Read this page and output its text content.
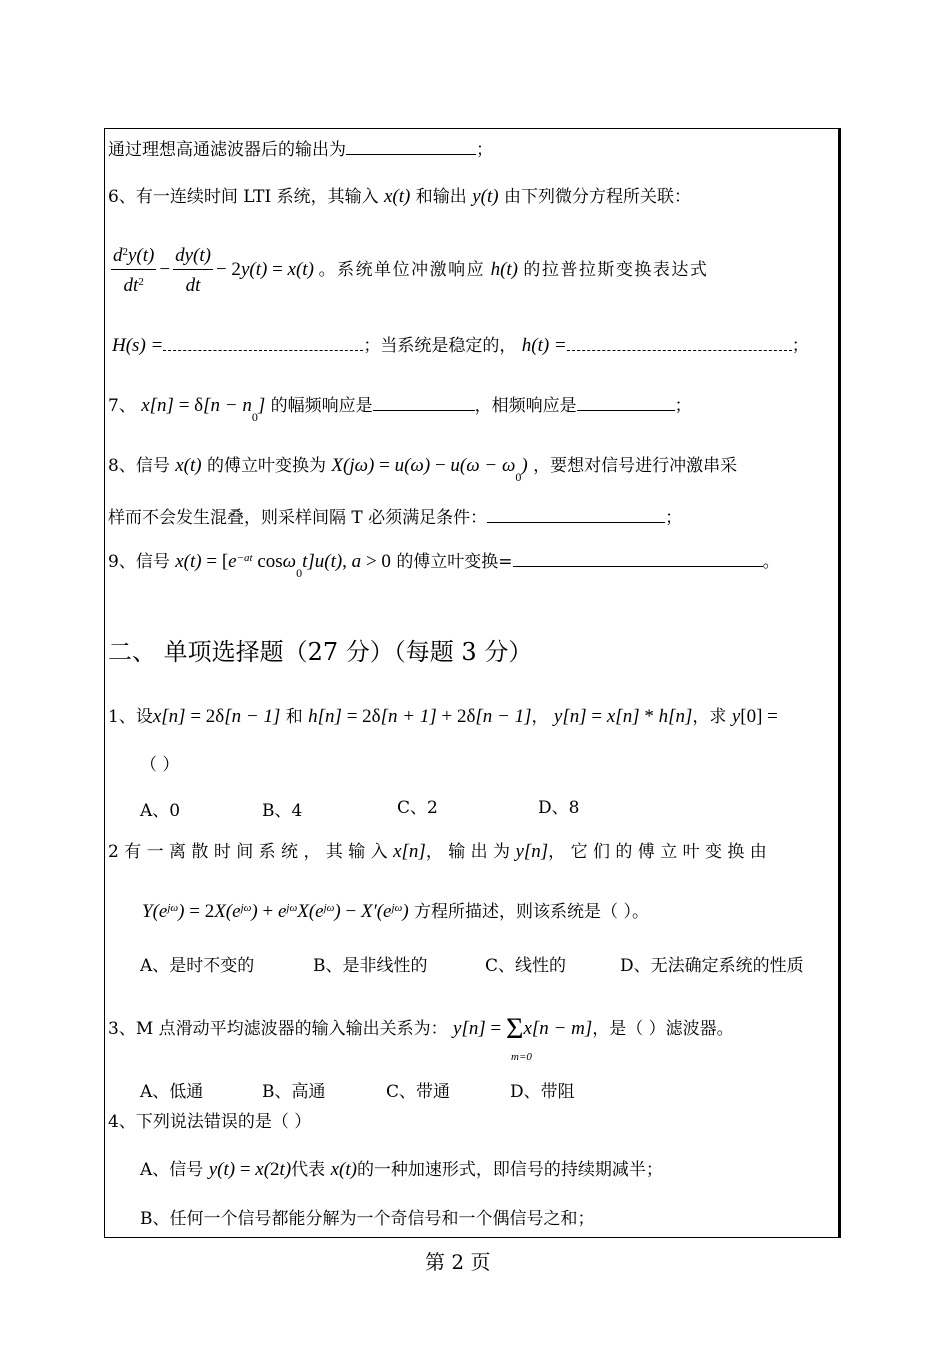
通过理想高通滤波器后的输出为	；
6、有一连续时间 LTI 系统，其输入 x(t) 和输出 y(t) 由下列微分方程所关联：
$\frac{d^2y(t)}{dt^2} - \frac{dy(t)}{dt} - 2y(t) = x(t)$ 。系统单位冲激响应 h(t) 的拉普拉斯变换表达式
H(s) =	；当系统是稳定的， h(t) =	；
7、 $x[n] = \delta[n - n_0]$ 的幅频响应是	，相频响应是	；
8、信号 x(t) 的傅立叶变换为 $X(j\omega) = u(\omega) - u(\omega - \omega_0)$ ，要想对信号进行冲激串采
样而不会发生混叠，则采样间隔 T 必须满足条件：	；
9、信号 $x(t) = [e^{-at}$ cosω$_0$t]u(t), a > 0 的傅立叶变换=	。
二、 单项选择题（27 分）（每题 3 分）
1、设x[n] = 2δ[n − 1] 和 h[n] = 2δ[n + 1] + 2δ[n − 1]， y[n] = x[n] * h[n]，求 y[0] =
（ ）
A、0	B、4	C、2	D、8
2 有 一 离 散 时 间 系 统 ， 其 输 入 x[n]， 输 出 为 y[n]， 它 们 的 傅 立 叶 变 换 由
$Y(e^{j\omega}) = 2X(e^{j\omega}) + e^{j\omega}X(e^{j\omega}) - X'(e^{j\omega})$ 方程所描述，则该系统是（ ）。
A、是时不变的	B、是非线性的	C、线性的	D、无法确定系统的性质
3、M 点滑动平均滤波器的输入输出关系为： y[n] = Σ
m=0
x[n − m]，是（ ）滤波器。
A、低通	B、高通	C、带通	D、带阻
4、下列说法错误的是（ ）
A、信号 y(t) = x(2t)代表 x(t)的一种加速形式，即信号的持续期减半；
B、任何一个信号都能分解为一个奇信号和一个偶信号之和；
第 2 页
